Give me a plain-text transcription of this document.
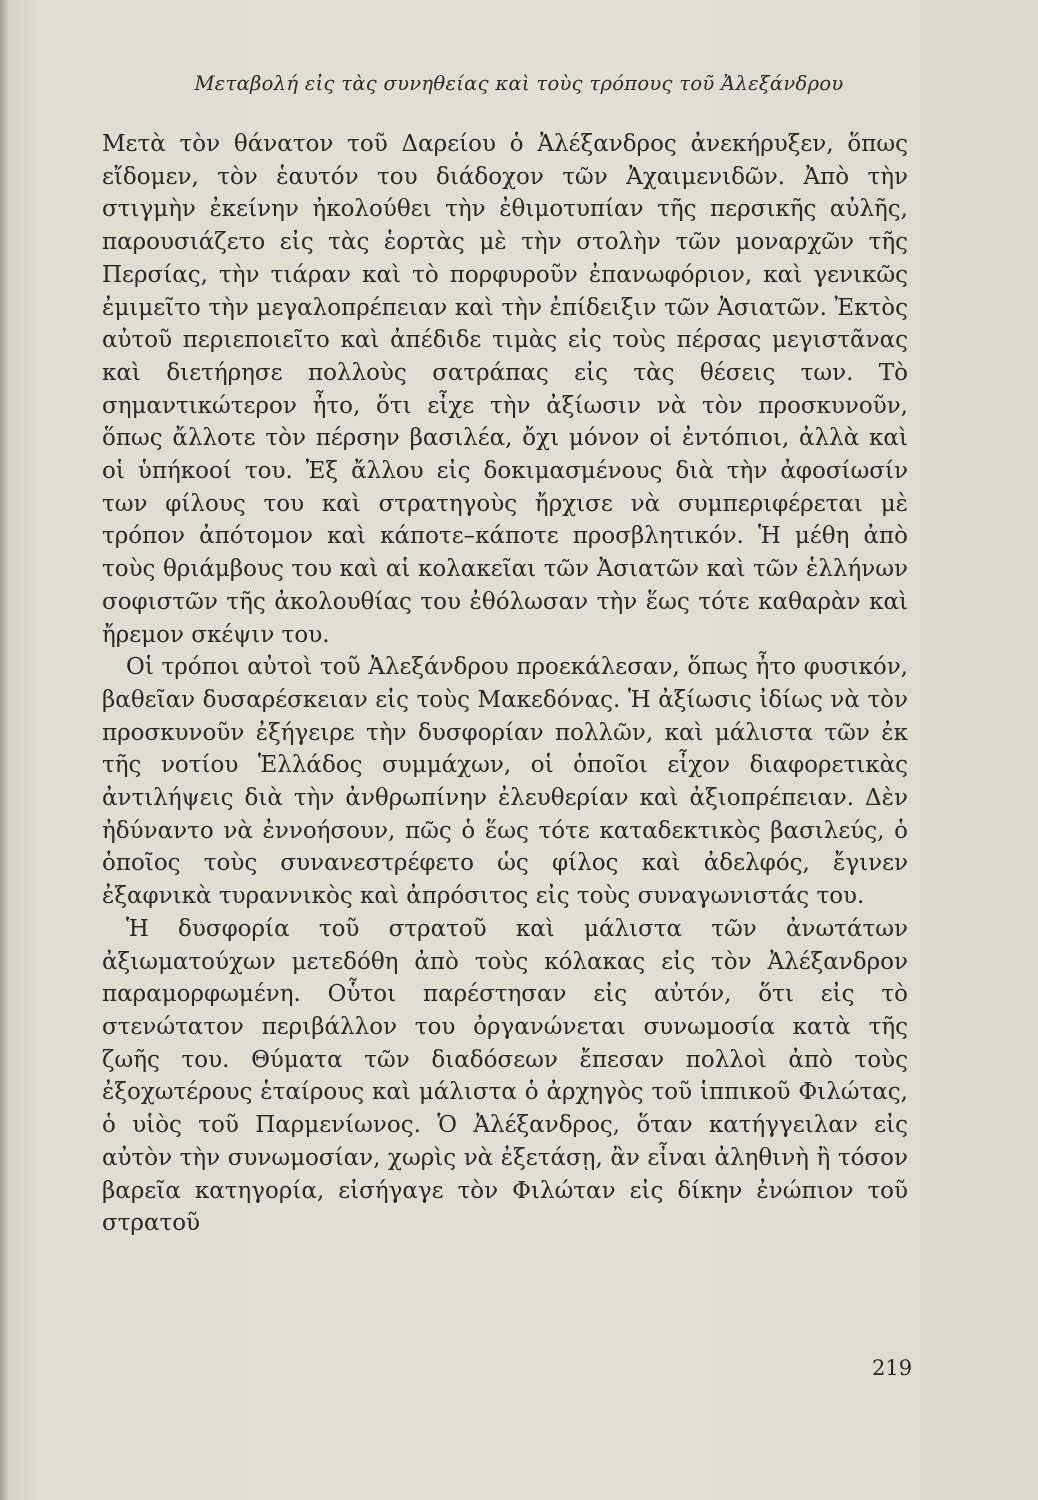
Μεταβολή εἰς τὰς συνηθείας καὶ τοὺς τρόπους τοῦ Ἀλεξάνδρου

Μετὰ τὸν θάνατον τοῦ Δαρείου ὁ Ἀλέξανδρος ἀνεκήρυξεν, ὅπως εἴδομεν, τὸν ἑαυτόν του διάδοχον τῶν Ἀχαιμενιδῶν. Ἀπὸ τὴν στιγμὴν ἐκείνην ἠκολούθει τὴν ἐθιμοτυπίαν τῆς περσικῆς αὐλῆς, παρουσιάζετο εἰς τὰς ἑορτὰς μὲ τὴν στολὴν τῶν μοναρχῶν τῆς Περσίας, τὴν τιάραν καὶ τὸ πορφυροῦν ἐπανωφόριον, καὶ γενικῶς ἐμιμεῖτο τὴν μεγαλοπρέπειαν καὶ τὴν ἐπίδειξιν τῶν Ἀσιατῶν. Ἐκτὸς αὐτοῦ περιεποιεῖτο καὶ ἀπέδιδε τιμὰς εἰς τοὺς πέρσας μεγιστᾶνας καὶ διετήρησε πολλοὺς σατράπας εἰς τὰς θέσεις των. Τὸ σημαντικώτερον ἦτο, ὅτι εἶχε τὴν ἀξίωσιν νὰ τὸν προσκυνοῦν, ὅπως ἄλλοτε τὸν πέρσην βασιλέα, ὄχι μόνον οἱ ἐντόπιοι, ἀλλὰ καὶ οἱ ὑπήκοοί του. Ἐξ ἄλλου εἰς δοκιμασμένους διὰ τὴν ἀφοσίωσίν των φίλους του καὶ στρατηγοὺς ἤρχισε νὰ συμπεριφέρεται μὲ τρόπον ἀπότομον καὶ κάποτε–κάποτε προσβλητικόν. Ἡ μέθη ἀπὸ τοὺς θριάμβους του καὶ αἱ κολακεῖαι τῶν Ἀσιατῶν καὶ τῶν ἑλλήνων σοφιστῶν τῆς ἀκολουθίας του ἐθόλωσαν τὴν ἕως τότε καθαρὰν καὶ ἤρεμον σκέψιν του.

Οἱ τρόποι αὐτοὶ τοῦ Ἀλεξάνδρου προεκάλεσαν, ὅπως ἦτο φυσικόν, βαθεῖαν δυσαρέσκειαν εἰς τοὺς Μακεδόνας. Ἡ ἀξίωσις ἰδίως νὰ τὸν προσκυνοῦν ἐξήγειρε τὴν δυσφορίαν πολλῶν, καὶ μάλιστα τῶν ἐκ τῆς νοτίου Ἑλλάδος συμμάχων, οἱ ὁποῖοι εἶχον διαφορετικὰς ἀντιλήψεις διὰ τὴν ἀνθρωπίνην ἐλευθερίαν καὶ ἀξιοπρέπειαν. Δὲν ἠδύναντο νὰ ἐννοήσουν, πῶς ὁ ἕως τότε καταδεκτικὸς βασιλεύς, ὁ ὁποῖος τοὺς συνανεστρέφετο ὡς φίλος καὶ ἀδελφός, ἔγινεν ἐξαφνικὰ τυραννικὸς καὶ ἀπρόσιτος εἰς τοὺς συναγωνιστάς του.

Ἡ δυσφορία τοῦ στρατοῦ καὶ μάλιστα τῶν ἀνωτάτων ἀξιωματούχων μετεδόθη ἀπὸ τοὺς κόλακας εἰς τὸν Ἀλέξανδρον παραμορφωμένη. Οὗτοι παρέστησαν εἰς αὐτόν, ὅτι εἰς τὸ στενώτατον περιβάλλον του ὀργανώνεται συνωμοσία κατὰ τῆς ζωῆς του. Θύματα τῶν διαδόσεων ἔπεσαν πολλοὶ ἀπὸ τοὺς ἐξοχωτέρους ἑταίρους καὶ μάλιστα ὁ ἀρχηγὸς τοῦ ἱππικοῦ Φιλώτας, ὁ υἱὸς τοῦ Παρμενίωνος. Ὁ Ἀλέξανδρος, ὅταν κατήγγειλαν εἰς αὐτὸν τὴν συνωμοσίαν, χωρὶς νὰ ἐξετάσῃ, ἂν εἶναι ἀληθινὴ ἢ τόσον βαρεῖα κατηγορία, εἰσήγαγε τὸν Φιλώταν εἰς δίκην ἐνώπιον τοῦ στρατοῦ

219
